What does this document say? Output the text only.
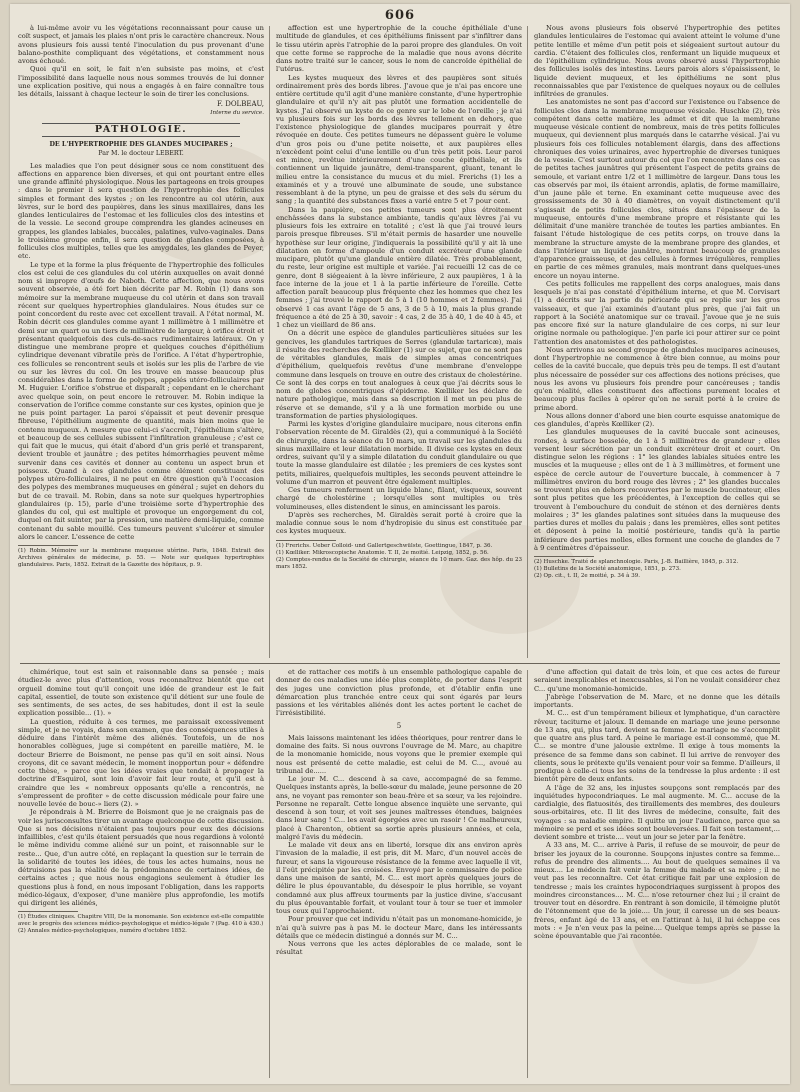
606

à lui-même avoir vu les végétations reconnaissant pour cause un coït suspect, et jamais les plaies n'ont pris le caractère chancreux. Nous avons plusieurs fois aussi tenté l'inoculation du pus provenant d'une balano-posthite compliquant des végétations, et constamment nous avons échoué.

Quoi qu'il en soit, le fait n'en subsiste pas moins, et c'est l'impossibilité dans laquelle nous nous sommes trouvés de lui donner une explication positive, qui nous a engagés à en faire connaître tous les détails, laissant à chaque lecteur le soin de tirer les conclusions.

F. DOLBEAU,
Interne du service.
PATHOLOGIE.
DE L'HYPERTROPHIE DES GLANDES MUCIPARES ;
Par M. le docteur LEBERT.

Les maladies que l'on peut désigner sous ce nom constituent des affections en apparence bien diverses, et qui ont pourtant entre elles une grande affinité physiologique. Nous les partageons en trois groupes : dans le premier il sera question de l'hypertrophie des follicules simples et formant des kystes ; on les rencontre au col utérin, aux lèvres, sur le bord des paupières, dans les sinus maxillaires, dans les glandes lenticulaires de l'estomac et les follicules clos des intestins et de la vessie. Le second groupe comprendra les glandes acineuses en grappes, les glandes labiales, buccales, palatines, vulvo-vaginales. Dans le troisième groupe enfin, il sera question de glandes composées, à follicules clos multiples, telles que les amygdales, les glandes de Peyer, etc.

Le type et la forme la plus fréquente de l'hypertrophie des follicules clos est celui de ces glandules du col utérin auxquelles on avait donné nom si impropre d'œufs de Naboth. Cette affection, que nous avons souvent observée, a été fort bien décrite par M. Robin (1) dans son mémoire sur la membrane muqueuse du col utérin et dans son travail récent sur quelques hypertrophies glandulaires. Nous études sur ce point concordent du reste avec cet excellent travail. A l'état normal, M. Robin décrit ces glandules comme ayant 1 millimètre à 1 millimètre et demi sur un quart ou un tiers de millimètre de largeur, à orifice étroit et présentant quelquefois des culs-de-sacs rudimentaires latéraux. On y distingue une membrane propre et quelques couches d'épithélium cylindrique devenant vibratile près de l'orifice. A l'état d'hypertrophie, ces follicules se rencontrent seuls et isolés sur les plis de l'arbre de vie ou sur les lèvres du col. On les trouve en masse beaucoup plus considérables dans la forme de polypes, appelés utéro-folliculaires par M. Huguier. L'orifice s'obstrue et disparaît ; cependant en le cherchant avec quelque soin, on peut encore le retrouver. M. Robin indique la conservation de l'orifice comme constante sur ces kystes, opinion que je ne puis point partager. La paroi s'épaissit et peut devenir presque fibreuse, l'épithélium augmente de quantité, mais bien moins que le contenu muqueux. A mesure que celui-ci s'accroît, l'épithélium s'altère, et beaucoup de ses cellules subissent l'infiltration granuleuse ; c'est ce qui fait que le mucus, qui était d'abord d'un gris perlé et transparent, devient trouble et jaunâtre ; des petites hémorrhagies peuvent même survenir dans ces cavités et donner au contenu un aspect brun et poisseux. Quand à ces glandules comme élément constituant des polypes utéro-folliculaires, il ne peut en être question qu'à l'occasion des polypes des membranes muqueuses en général ; sujet en dehors du but de ce travail. M. Robin, dans sa note sur quelques hypertrophies glandulaires (p. 15), parle d'une troisième sorte d'hypertrophie des glandes du col, qui est multiple et provoque un engorgement du col, duquel on fait suinter, par la pression, une matière demi-liquide, comme contenant du sable mouillé. Ces tumeurs peuvent s'ulcérer et simuler alors le cancer. L'essence de cette

(1) Robin. Mémoire sur la membrane muqueuse utérine. Paris, 1848. Extrait des Archives générales de médecine, p. 55. — Note sur quelques hypertrophies glandulaires. Paris, 1852. Extrait de la Gazette des hôpitaux, p. 9.

affection est une hypertrophie de la couche épithéliale d'une multitude de glandules, et ces épithéliums finissent par s'infiltrer dans le tissu utérin après l'atrophie de la paroi propre des glandules. On voit que cette forme se rapproche de la maladie que nous avons décrite dans notre traité sur le cancer, sous le nom de cancroïde épithélial de l'utérus.

Les kystes muqueux des lèvres et des paupières sont situés ordinairement près des bords libres. J'avoue que je n'ai pas encore une entière certitude qu'il agit d'une manière constante, d'une hypertrophie glandulaire et qu'il n'y ait pas plutôt une formation accidentelle de kystes. J'ai observé un kyste de ce genre sur le lobe de l'oreille ; je n'ai vu plusieurs fois sur les bords des lèvres tellement en dehors, que l'existence physiologique de glandes mucipares pourrait y être révoquée en doute. Ces petites tumeurs ne dépassent guère le volume d'un gros pois ou d'une petite noisette, et aux paupières elles n'excèdent point celui d'une lentille ou d'un très petit pois. Leur paroi est mince, revêtue intérieurement d'une couche épithéliale, et ils contiennent un liquide jaunâtre, demi-transparent, gluant, tenant le milieu entre la consistance du mucus et du miel. Frerichs (1) les a examinés et y a trouvé une albuminate de soude, une substance ressemblant à de la ptyne, un peu de graisse et des sels du sérum du sang ; la quantité des substances fixes a varié entre 5 et 7 pour cent.

Dans la paupière, ces petites tumeurs sont plus étroitement enchâssées dans la substance ambiante, tandis qu'aux lèvres j'ai vu plusieurs fois les extraire en totalité ; c'est là que j'ai trouvé leurs parois presque fibreuses. S'il m'était permis de hasarder une nouvelle hypothèse sur leur origine, j'indiquerais la possibilité qu'il y ait là une dilatation en forme d'ampoule d'un conduit excréteur d'une glande mucipare, plutôt qu'une glandule entière dilatée. Très probablement, du reste, leur origine est multiple et variée. J'ai recueilli 12 cas de ce genre, dont 8 siégeaient à la lèvre inférieure, 2 aux paupières, 1 à la face interne de la joue et 1 à la partie inférieure de l'oreille. Cette affection paraît beaucoup plus fréquente chez les hommes que chez les femmes ; j'ai trouvé le rapport de 5 à 1 (10 hommes et 2 femmes). J'ai observé 1 cas avant l'âge de 5 ans, 3 de 5 à 10, mais la plus grande fréquence a été de 25 à 30, savoir : 4 cas, 2 de 35 à 40, 1 de 40 à 45, et 1 chez un vieillard de 86 ans.

On a décrit une espèce de glandules particulières situées sur les gencives, les glandules tartriques de Serres (glandulæ tartaricæ), mais il résulte des recherches de Kœlliker (1) sur ce sujet, que ce ne sont pas de véritables glandules, mais de simples amas concentriques d'épithélium, quelquefois revêtus d'une membrane d'enveloppe commune dans lesquels on trouve en outre des cristaux de cholestérine. Ce sont là des corps en tout analogues à ceux que j'ai décrits sous le nom de globes concentriques d'épiderme. Kœlliker les déclare de nature pathologique, mais dans sa description il met un peu plus de réserve et se demande, s'il y a là une formation morbide ou une transformation de parties physiologiques.

Parmi les kystes d'origine glandulaire mucipare, nous citerons enfin l'observation récente de M. Giraldès (2), qui a communiqué à la Société de chirurgie, dans la séance du 10 mars, un travail sur les glandules du sinus maxillaire et leur dilatation morbide. Il divise ces kystes en deux ordres, suivant qu'il y a simple dilatation du conduit glandulaire ou que toute la masse glandulaire est dilatée ; les premiers de ces kystes sont petits, miliaires, quelquefois multiples, les seconds peuvent atteindre le volume d'un marron et peuvent être également multiples.

Ces tumeurs renferment un liquide blanc, filant, visqueux, souvent chargé de cholestérine ; lorsqu'elles sont multiples ou très volumineuses, elles distendent le sinus, en amincissant les parois.

D'après ses recherches, M. Giraldès serait porté à croire que la maladie connue sous le nom d'hydropisie du sinus est constituée par ces kystes muqueux.

(1) Frerichs. Ueber Colloid- und Gallertgeschwülste, Goettingue, 1847, p. 36.

(1) Kœlliker. Mikroscopische Anatomie. T. II, 2e moitié. Leipzig, 1852, p. 56.

(2) Comptes-rendus de la Société de chirurgie, séance du 10 mars. Gaz. des hôp. du 23 mars 1852.

Nous avons plusieurs fois observé l'hypertrophie des petites glandules lenticulaires de l'estomac qui avaient atteint le volume d'une petite lentille et même d'un petit pois et siégeaient surtout autour du cardia. C'étaient des follicules clos, renfermant un liquide muqueux et de l'épithélium cylindrique. Nous avons observé aussi l'hypertrophie des follicules isolés des intestins. Leurs parois alors s'épaississent, le liquide devient muqueux, et les épithéliums ne sont plus reconnaissables que par l'existence de quelques noyaux ou de cellules infiltrées de granules.

Les anatomistes ne sont pas d'accord sur l'existence ou l'absence de follicules clos dans la membrane muqueuse vésicale. Huschke (2), très compétent dans cette matière, les admet et dit que la membrane muqueuse vésicale contient de nombreux, mais de très petits follicules muqueux, qui deviennent plus marqués dans le catarrhe vésical. J'ai vu plusieurs fois ces follicules notablement élargis, dans des affections chroniques des voies urinaires, avec hypertrophie de diverses tuniques de la vessie. C'est surtout autour du col que l'on rencontre dans ces cas de petites taches jaunâtres qui présentent l'aspect de petits grains de semoule, et variant entre 1/2 et 1 millimètre de largeur. Dans tous les cas observés par moi, ils étaient arrondis, aplatis, de forme mamillaire, d'un jaune pâle et terne. En examinant cette muqueuse avec des grossissements de 30 à 40 diamètres, on voyait distinctement qu'il s'agissait de petits follicules clos, situés dans l'épaisseur de la muqueuse, entourés d'une membrane propre et résistante qui les délimitait d'une manière tranchée de toutes les parties ambiantes. En faisant l'étude histologique de ces petits corps, on trouve dans la membrane la structure amyste de la membrane propre des glandes, et dans l'intérieur un liquide jaunâtre, montrant beaucoup de granules d'apparence graisseuse, et des cellules à formes irrégulières, remplies en partie de ces mêmes granules, mais montrant dans quelques-unes encore un noyau interne.

Ces petits follicules me rappellent des corps analogues, mais dans lesquels je n'ai pas constaté d'épithélium interne, et que M. Corvisart (1) a décrits sur la partie du péricarde qui se replie sur les gros vaisseaux, et que j'ai examinés d'autant plus près, que j'ai fait un rapport à la Société anatomique sur ce travail. J'avoue que je ne suis pas encore fixé sur la nature glandulaire de ces corps, ni sur leur origine normale ou pathologique. J'en parle ici pour attirer sur ce point l'attention des anatomistes et des pathologistes.

Nous arrivons au second groupe de glandules mucipares acineuses, dont l'hypertrophie ne commence à être bien connue, au moins pour celles de la cavité buccale, que depuis très peu de temps. Il est d'autant plus nécessaire de posséder sur ces affections des notions précises, que nous les avons vu plusieurs fois prendre pour cancéreuses ; tandis qu'en réalité, elles constituent des affections purement locales et beaucoup plus faciles à opérer qu'on ne serait porté à le croire de prime abord.

Nous allons donner d'abord une bien courte esquisse anatomique de ces glandules, d'après Kœlliker (2).

Les glandules muqueuses de la cavité buccale sont acineuses, rondes, à surface bosselée, de 1 à 5 millimètres de grandeur ; elles versent leur sécrétion par un conduit excréteur droit et court. On distingue selon les régions : 1° les glandes labiales situées entre les muscles et la muqueuse ; elles ont de 1 à 3 millimètres, et forment une espèce de cercle autour de l'ouverture buccale, à commencer à 7 millimètres environ du bord rouge des lèvres ; 2° les glandes buccales se trouvent plus en dehors recouvertes par le muscle buccinateur, elles sont plus petites que les précédentes, à l'exception de celles qui se trouvent à l'embouchure du conduit de sténon et des dernières dents molaires ; 3° les glandes palatines sont situées dans la muqueuse des parties dures et molles du palais ; dans les premières, elles sont petites et déposent à peine la moitié postérieure, tandis qu'à la partie inférieure des parties molles, elles forment une couche de glandes de 7 à 9 centimètres d'épaisseur.

(2) Huschke. Traité de splanchnologie. Paris, J.-B. Baillière, 1845, p. 312.

(1) Bulletins de la Société anatomique, 1851, p. 273.

(2) Op. cit., t. II, 2e moitié, p. 34 à 39.

chimérique, tout est sain et raisonnable dans sa pensée ; mais étudiez-le avec plus d'attention, vous reconnaîtrez bientôt que cet orgueil domine tout qu'il conçoit une idée de grandeur est le fait capital, essentiel, de toute son existence qu'il détient sur une foule de ses sentiments, de ses actes, de ses habitudes, dont il est la seule explication possible... (1). »

La question, réduite à ces termes, me paraissait excessivement simple, et je ne voyais, dans son examen, que des conséquences utiles à déduire dans l'intérêt même des aliénés. Toutefois, un de nos honorables collègues, juge si compétent en pareille matière, M. le docteur Brierre de Boismont, ne pense pas qu'il en soit ainsi. Nous croyons, dit ce savant médecin, le moment inopportun pour « défendre cette thèse, » parce que les idées vraies que tendait à propager la doctrine d'Esquirol, sont loin d'avoir fait leur route, et qu'il est à craindre que les « nombreux opposants qu'elle a rencontrés, ne s'empressent de profiter » de cette discussion médicale pour faire une nouvelle levée de bouc-» liers (2). »

Je répondrais à M. Brierre de Boismont que je ne craignais pas de voir les jurisconsultes tirer un avantage quelconque de cette discussion. Que si nos décisions n'étaient pas toujours pour eux des décisions infaillibles, c'est qu'ils étaient persuadés que nous regardions à volonté le même individu comme aliéné sur un point, et raisonnable sur le reste... Que, d'un autre côté, en replaçant la question sur le terrain de la solidarité de toutes les idées, de tous les actes humains, nous ne détruisions pas la réalité de la prédominance de certaines idées, de certains actes ; que nous nous engagions seulement à étudier les questions plus à fond, en nous imposant l'obligation, dans les rapports médico-légaux, d'exposer, d'une manière plus approfondie, les motifs qui dirigent les aliénés,

(1) Études cliniques. Chapitre VIII, De la monomanie. Son existence est-elle compatible avec le progrès des sciences médico-psychologique et médico-légale ? (Pag. 410 à 430.)

(2) Annales médico-psychologiques, numéro d'octobre 1852.

et de rattacher ces motifs à un ensemble pathologique capable de donner de ces maladies une idée plus complète, de porter dans l'esprit des juges une conviction plus profonde, et d'établir enfin une démarcation plus tranchée entre ceux qui sont égarés par leurs passions et les véritables aliénés dont les actes portent le cachet de l'irrésistibilité.

5

Mais laissons maintenant les idées théoriques, pour rentrer dans le domaine des faits. Si nous ouvrons l'ouvrage de M. Marc, au chapitre de la monomanie homicide, nous voyons que le premier exemple qui nous est présenté de cette maladie, est celui de M. C..., avoué au tribunal de......

Le jour M. C... descend à sa cave, accompagné de sa femme. Quelques instants après, la belle-sœur du malade, jeune personne de 20 ans, ne voyant pas remonter son beau-frère et sa sœur, va les rejoindre. Personne ne reparaît. Cette longue absence inquiète une servante, qui descend à son tour, et voit ses jeunes maîtresses étendues, baignées dans leur sang ! C... les avait égorgées avec un rasoir ! Ce malheureux, placé à Charenton, obtient sa sortie après plusieurs années, et cela, malgré l'avis du médecin.

Le malade vit deux ans en liberté, lorsque dix ans environ après l'invasion de la maladie, il est pris, dit M. Marc, d'un nouvel accès de fureur, et sans la vigoureuse résistance de la femme avec laquelle il vit, il l'eût précipitée par les croisées. Envoyé par le commissaire de police dans une maison de santé, M. C... est mort après quelques jours de délire le plus épouvantable, du désespoir le plus horrible, se voyant condamné aux plus affreux tourments par la justice divine, s'accusant du plus épouvantable forfait, et voulant tour à tour se tuer et immoler tous ceux qui l'approchaient.

Pour prouver que cet individu n'était pas un monomane-homicide, je n'ai qu'à suivre pas à pas M. le docteur Marc, dans les intéressants détails que ce médecin distingué a donnés sur M. C...

Nous verrons que les actes déplorables de ce malade, sont le résultat

d'une affection qui datait de très loin, et que ces actes de fureur seraient inexplicables et inexcusables, si l'on ne voulait considérer chez C... qu'une monomanie-homicide.

J'abrège l'observation de M. Marc, et ne donne que les détails importants.

M. C... est d'un tempérament bilieux et lymphatique, d'un caractère rêveur, taciturne et jaloux. Il demande en mariage une jeune personne de 13 ans, qui, plus tard, devient sa femme. Le mariage ne s'accomplit que quatre ans plus tard. A peine le mariage est-il consommé, que M. C... se montre d'une jalousie extrême. Il exige à tous moments la présence de sa femme dans son cabinet. Il lui arrive de renvoyer des clients, sous le prétexte qu'ils venaient pour voir sa femme. D'ailleurs, il prodigue à celle-ci tous les soins de la tendresse la plus ardente : il est bientôt père de deux enfants.

A l'âge de 32 ans, les injustes soupçons sont remplacés par des inquiétudes hypocondriaques. Le mal augmente. M. C... accuse de la cardialgie, des flatuosités, des tiraillements des membres, des douleurs sous-orbitaires, etc. Il lit des livres de médecine, consulte, fait des voyages : sa maladie empire. Il quitte un jour l'audience, parce que sa mémoire se perd et ses idées sont bouleversées. Il fait son testament,... devient sombre et triste.... veut un jour se jeter par la fenêtre.

A 33 ans, M. C... arrive à Paris, il refuse de se mouvoir, de peur de briser les joyaux de la couronne. Soupçons injustes contre sa femme... refus de prendre des aliments.... Au bout de quelques semaines il va mieux.... Le médecin fait venir la femme du malade et sa mère ; il ne veut pas les reconnaître. Cet état critique fait par une explosion de tendresse ; mais les craintes hypocondriaques surgissent à propos des moindres circonstances.... M. C... n'ose retourner chez lui ; il craint de trouver tout en désordre. En rentrant à son domicile, il témoigne plutôt de l'étonnement que de la joie.... Un jour, il caresse un de ses beaux-frères, enfant âgé de 13 ans, et en l'attirant à lui, il lui échappe ces mots : « Je n'en veux pas la peine.... Quelque temps après se passe la scène épouvantable que j'ai racontée.
